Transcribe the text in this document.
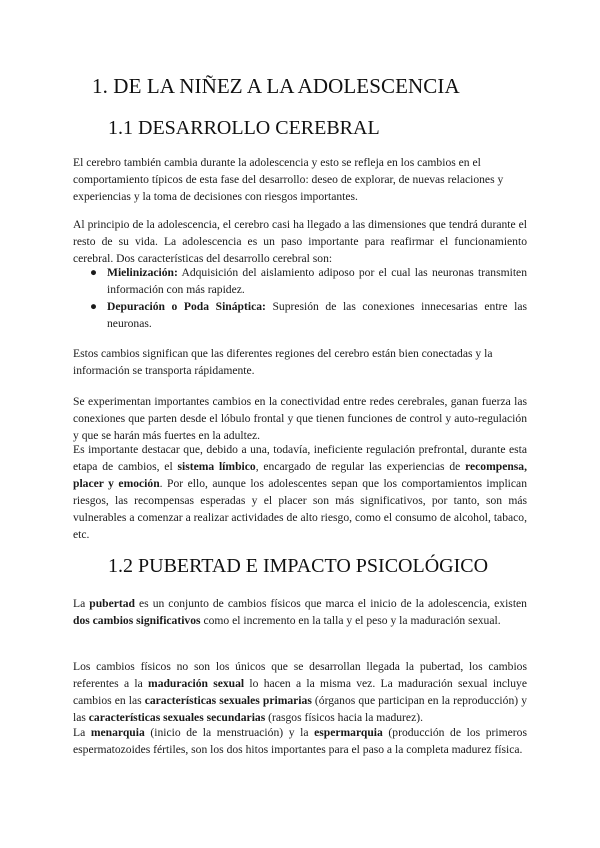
1. DE LA NIÑEZ A LA ADOLESCENCIA
1.1 DESARROLLO CEREBRAL

El cerebro también cambia durante la adolescencia y esto se refleja en los cambios en el comportamiento típicos de esta fase del desarrollo: deseo de explorar, de nuevas relaciones y experiencias y la toma de decisiones con riesgos importantes.

Al principio de la adolescencia, el cerebro casi ha llegado a las dimensiones que tendrá durante el resto de su vida. La adolescencia es un paso importante para reafirmar el funcionamiento cerebral. Dos características del desarrollo cerebral son:

● Mielinización: Adquisición del aislamiento adiposo por el cual las neuronas transmiten información con más rapidez.
● Depuración o Poda Sináptica: Supresión de las conexiones innecesarias entre las neuronas.

Estos cambios significan que las diferentes regiones del cerebro están bien conectadas y la información se transporta rápidamente.

Se experimentan importantes cambios en la conectividad entre redes cerebrales, ganan fuerza las conexiones que parten desde el lóbulo frontal y que tienen funciones de control y auto-regulación y que se harán más fuertes en la adultez.

Es importante destacar que, debido a una, todavía, ineficiente regulación prefrontal, durante esta etapa de cambios, el sistema límbico, encargado de regular las experiencias de recompensa, placer y emoción. Por ello, aunque los adolescentes sepan que los comportamientos implican riesgos, las recompensas esperadas y el placer son más significativos, por tanto, son más vulnerables a comenzar a realizar actividades de alto riesgo, como el consumo de alcohol, tabaco, etc.

1.2 PUBERTAD E IMPACTO PSICOLÓGICO

La pubertad es un conjunto de cambios físicos que marca el inicio de la adolescencia, existen dos cambios significativos como el incremento en la talla y el peso y la maduración sexual.

Los cambios físicos no son los únicos que se desarrollan llegada la pubertad, los cambios referentes a la maduración sexual lo hacen a la misma vez. La maduración sexual incluye cambios en las características sexuales primarias (órganos que participan en la reproducción) y las características sexuales secundarias (rasgos físicos hacia la madurez).

La menarquia (inicio de la menstruación) y la espermarquia (producción de los primeros espermatozoides fértiles, son los dos hitos importantes para el paso a la completa madurez física.
